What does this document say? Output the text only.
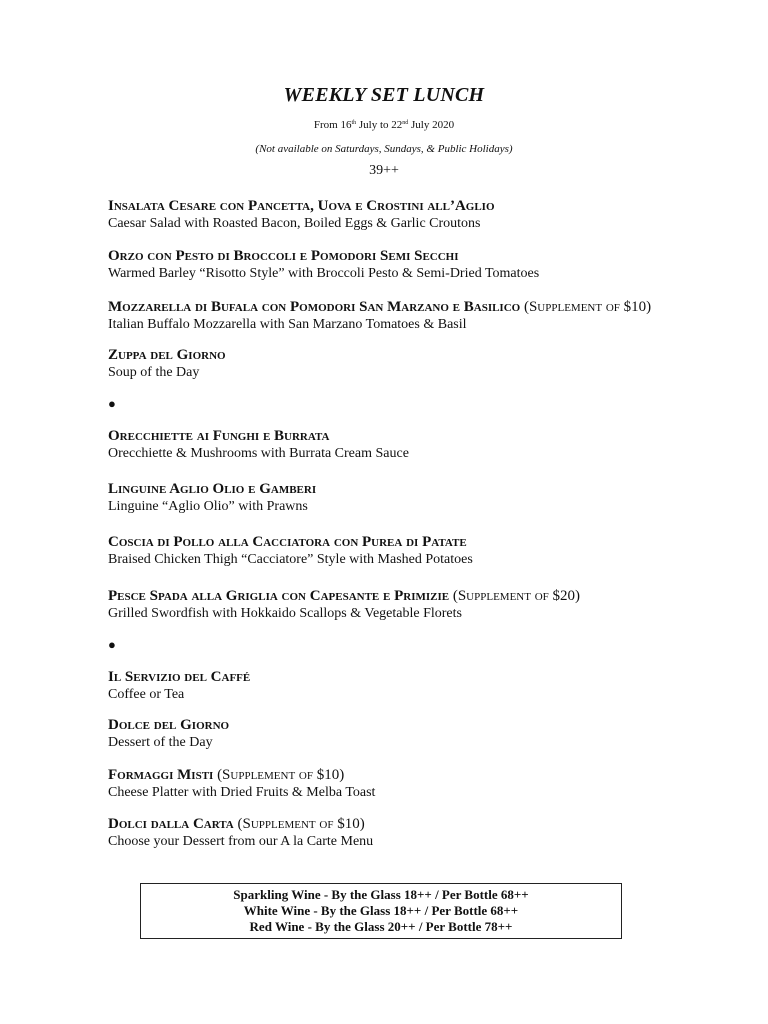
WEEKLY SET LUNCH
From 16th July to 22nd July 2020
(Not available on Saturdays, Sundays, & Public Holidays)
39++
Insalata Cesare con Pancetta, Uova e Crostini all’Aglio
Caesar Salad with Roasted Bacon, Boiled Eggs & Garlic Croutons
Orzo con Pesto di Broccoli e Pomodori Semi Secchi
Warmed Barley “Risotto Style” with Broccoli Pesto & Semi-Dried Tomatoes
Mozzarella di Bufala con Pomodori San Marzano e Basilico (Supplement of $10)
Italian Buffalo Mozzarella with San Marzano Tomatoes & Basil
Zuppa del Giorno
Soup of the Day
●
Orecchiette ai Funghi e Burrata
Orecchiette & Mushrooms with Burrata Cream Sauce
Linguine Aglio Olio e Gamberi
Linguine “Aglio Olio” with Prawns
Coscia di Pollo alla Cacciatora con Purea di Patate
Braised Chicken Thigh “Cacciatore” Style with Mashed Potatoes
Pesce Spada alla Griglia con Capesante e Primizie (Supplement of $20)
Grilled Swordfish with Hokkaido Scallops & Vegetable Florets
●
Il Servizio del Caffé
Coffee or Tea
Dolce del Giorno
Dessert of the Day
Formaggi Misti (Supplement of $10)
Cheese Platter with Dried Fruits & Melba Toast
Dolci dalla Carta (Supplement of $10)
Choose your Dessert from our A la Carte Menu
Sparkling Wine - By the Glass 18++ / Per Bottle 68++
White Wine - By the Glass 18++ / Per Bottle 68++
Red Wine - By the Glass 20++ / Per Bottle 78++
